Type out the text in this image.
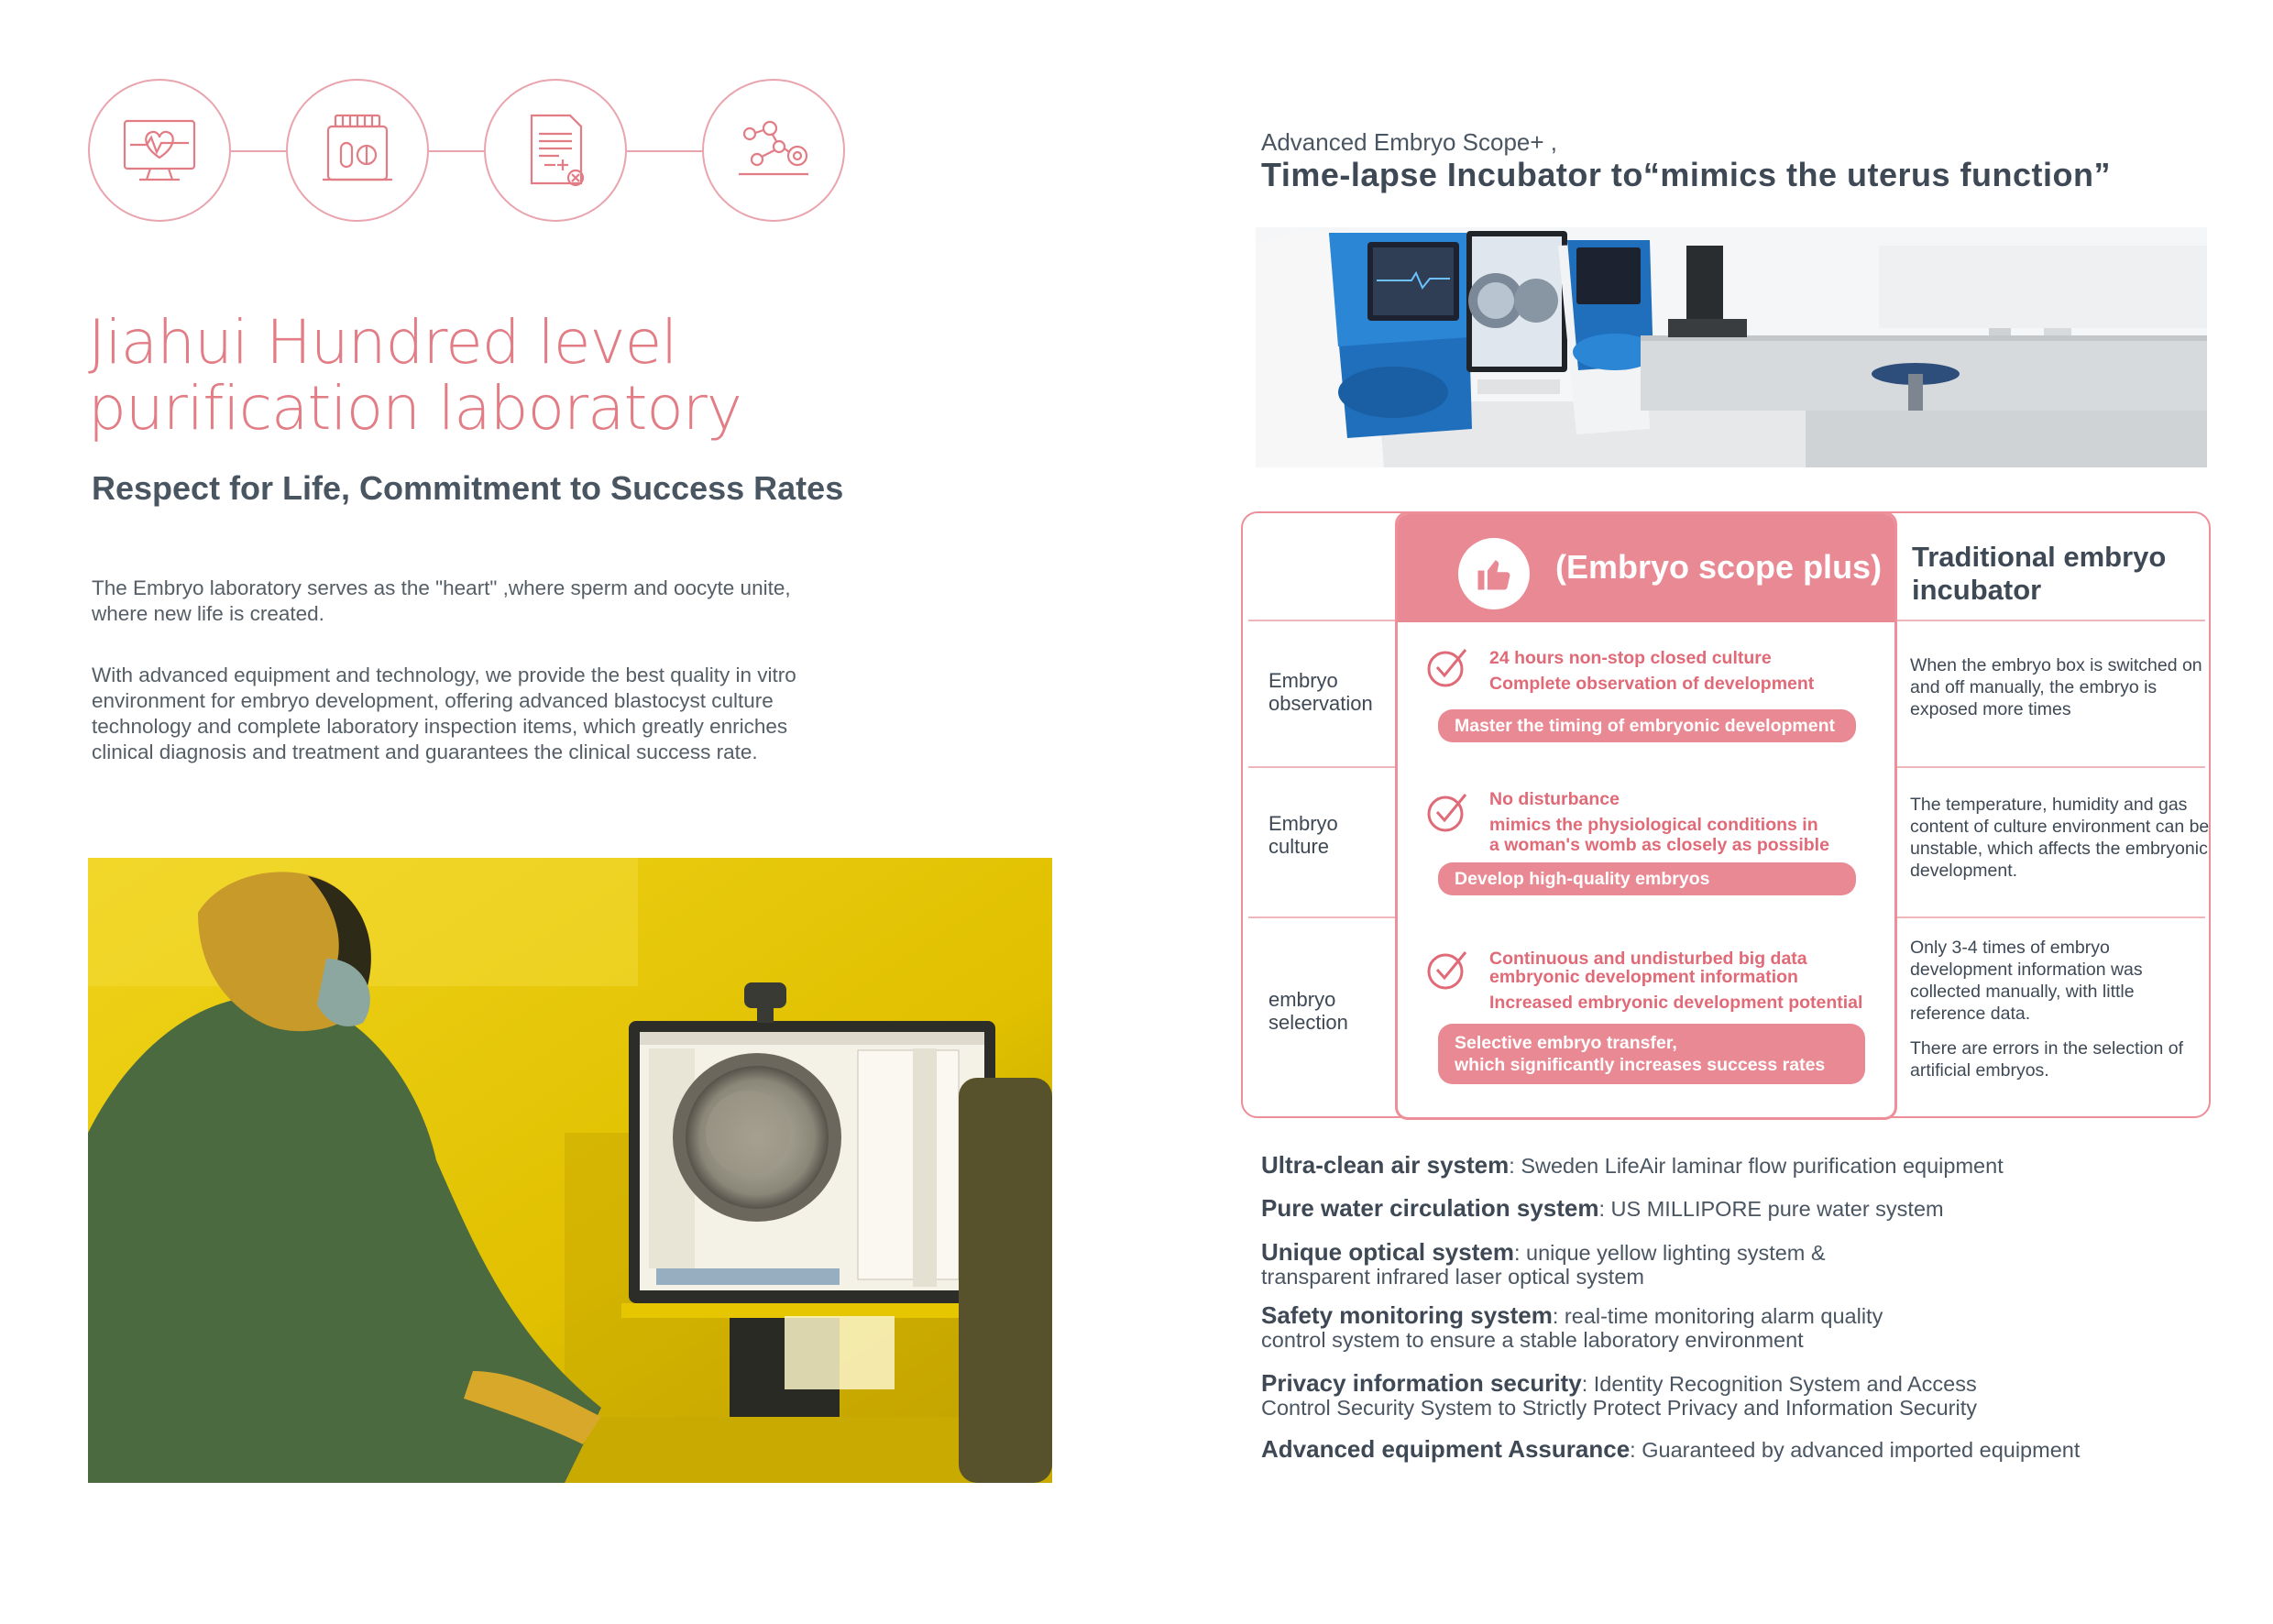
Jiahui Hundred level
purification laboratory
Respect for Life, Commitment to Success Rates

The Embryo laboratory serves as the "heart" ,where sperm and oocyte unite,
where new life is created.

With advanced equipment and technology, we provide the best quality in vitro
environment for embryo development, offering advanced blastocyst culture
technology and complete laboratory inspection items, which greatly enriches
clinical diagnosis and treatment and guarantees the clinical success rate.

Advanced Embryo Scope+ ,
Time-lapse Incubator to“mimics the uterus function”
Traditional embryo incubator
Embryo observation
Embryo culture
embryo selection
When the embryo box is switched on and off manually, the embryo is exposed more times
The temperature, humidity and gas content of culture environment can be unstable, which affects the embryonic development.
Only 3-4 times of embryo development information was collected manually, with little reference data.
There are errors in the selection of artificial embryos.
(Embryo scope plus)
24 hours non-stop closed culture
Complete observation of development
Master the timing of embryonic development
No disturbance
mimics the physiological conditions in
a woman's womb as closely as possible
Develop high-quality embryos
Continuous and undisturbed big data
embryonic development information
Increased embryonic development potential
Selective embryo transfer,
which significantly increases success rates
Ultra-clean air system: Sweden LifeAir laminar flow purification equipment
Pure water circulation system: US MILLIPORE pure water system
Unique optical system: unique yellow lighting system &
transparent infrared laser optical system
Safety monitoring system: real-time monitoring alarm quality
control system to ensure a stable laboratory environment
Privacy information security: Identity Recognition System and Access
Control Security System to Strictly Protect Privacy and Information Security
Advanced equipment Assurance: Guaranteed by advanced imported equipment
